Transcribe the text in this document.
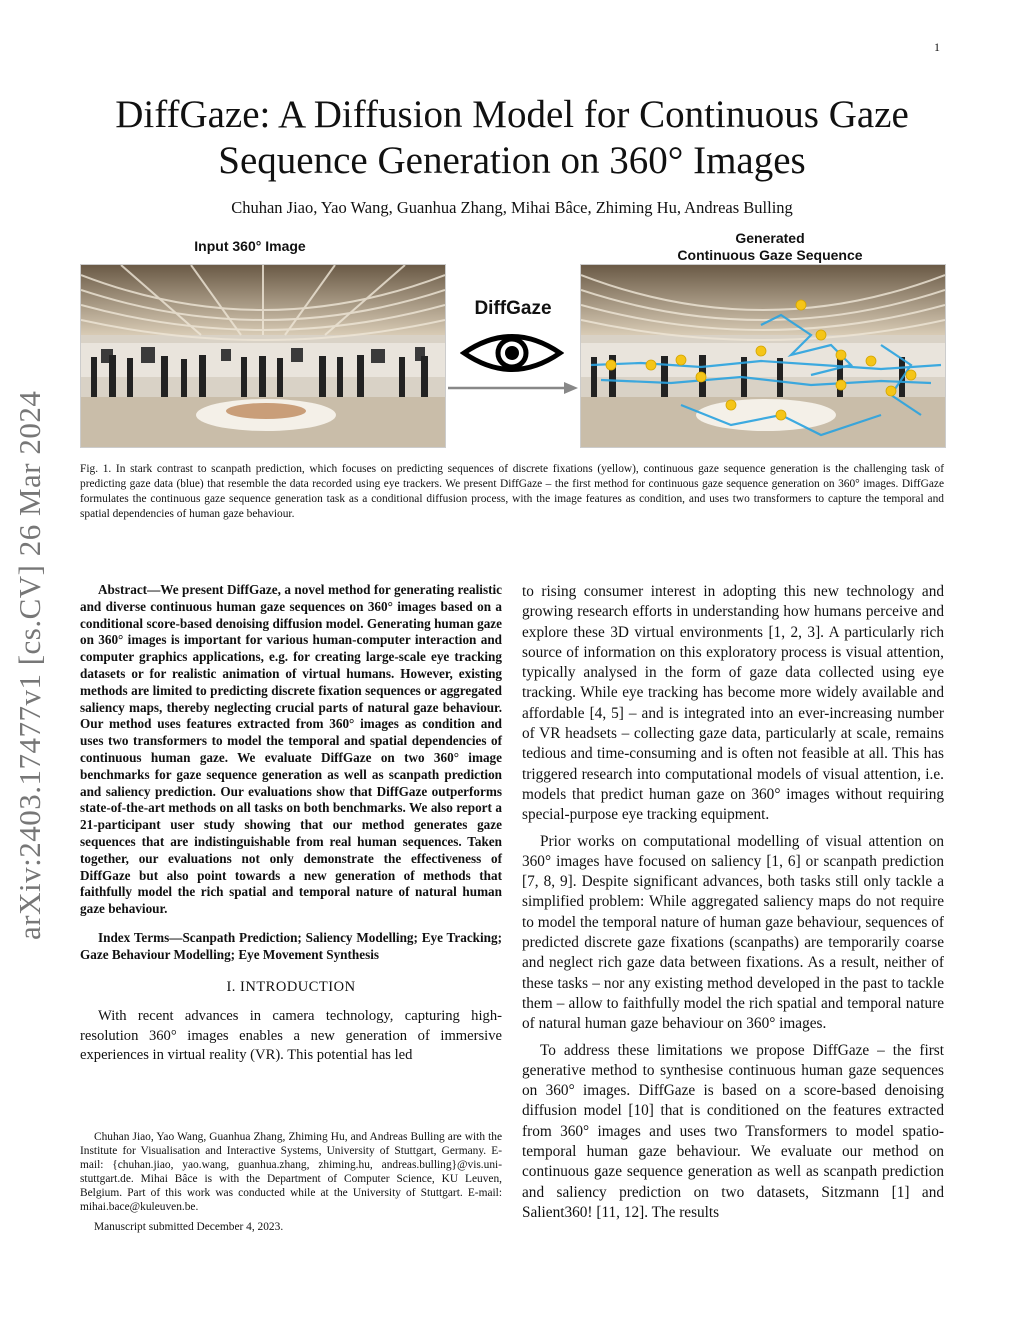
1
arXiv:2403.17477v1 [cs.CV] 26 Mar 2024
DiffGaze: A Diffusion Model for Continuous Gaze Sequence Generation on 360° Images
Chuhan Jiao, Yao Wang, Guanhua Zhang, Mihai Bâce, Zhiming Hu, Andreas Bulling
Input 360° Image	Generated
Continuous Gaze Sequence
DiffGaze
Fig. 1. In stark contrast to scanpath prediction, which focuses on predicting sequences of discrete fixations (yellow), continuous gaze sequence generation is the challenging task of predicting gaze data (blue) that resemble the data recorded using eye trackers. We present DiffGaze – the first method for continuous gaze sequence generation on 360° images. DiffGaze formulates the continuous gaze sequence generation task as a conditional diffusion process, with the image features as condition, and uses two transformers to capture the temporal and spatial dependencies of human gaze behaviour.
Abstract—We present DiffGaze, a novel method for generating realistic and diverse continuous human gaze sequences on 360° images based on a conditional score-based denoising diffusion model. Generating human gaze on 360° images is important for various human-computer interaction and computer graphics applications, e.g. for creating large-scale eye tracking datasets or for realistic animation of virtual humans. However, existing methods are limited to predicting discrete fixation sequences or aggregated saliency maps, thereby neglecting crucial parts of natural gaze behaviour. Our method uses features extracted from 360° images as condition and uses two transformers to model the temporal and spatial dependencies of continuous human gaze. We evaluate DiffGaze on two 360° image benchmarks for gaze sequence generation as well as scanpath prediction and saliency prediction. Our evaluations show that DiffGaze outperforms state-of-the-art methods on all tasks on both benchmarks. We also report a 21-participant user study showing that our method generates gaze sequences that are indistinguishable from real human sequences. Taken together, our evaluations not only demonstrate the effectiveness of DiffGaze but also point towards a new generation of methods that faithfully model the rich spatial and temporal nature of natural human gaze behaviour.
Index Terms—Scanpath Prediction; Saliency Modelling; Eye Tracking; Gaze Behaviour Modelling; Eye Movement Synthesis
I. INTRODUCTION

With recent advances in camera technology, capturing high-resolution 360° images enables a new generation of immersive experiences in virtual reality (VR). This potential has led

Chuhan Jiao, Yao Wang, Guanhua Zhang, Zhiming Hu, and Andreas Bulling are with the Institute for Visualisation and Interactive Systems, University of Stuttgart, Germany. E-mail: {chuhan.jiao, yao.wang, guanhua.zhang, zhiming.hu, andreas.bulling}@vis.uni-stuttgart.de. Mihai Bâce is with the Department of Computer Science, KU Leuven, Belgium. Part of this work was conducted while at the University of Stuttgart. E-mail: mihai.bace@kuleuven.be.

Manuscript submitted December 4, 2023.

to rising consumer interest in adopting this new technology and growing research efforts in understanding how humans perceive and explore these 3D virtual environments [1, 2, 3]. A particularly rich source of information on this exploratory process is visual attention, typically analysed in the form of gaze data collected using eye tracking. While eye tracking has become more widely available and affordable [4, 5] – and is integrated into an ever-increasing number of VR headsets – collecting gaze data, particularly at scale, remains tedious and time-consuming and is often not feasible at all. This has triggered research into computational models of visual attention, i.e. models that predict human gaze on 360° images without requiring special-purpose eye tracking equipment.

Prior works on computational modelling of visual attention on 360° images have focused on saliency [1, 6] or scanpath prediction [7, 8, 9]. Despite significant advances, both tasks still only tackle a simplified problem: While aggregated saliency maps do not require to model the temporal nature of human gaze behaviour, sequences of predicted discrete gaze fixations (scanpaths) are temporarily coarse and neglect rich gaze data between fixations. As a result, neither of these tasks – nor any existing method developed in the past to tackle them – allow to faithfully model the rich spatial and temporal nature of natural human gaze behaviour on 360° images.

To address these limitations we propose DiffGaze – the first generative method to synthesise continuous human gaze sequences on 360° images. DiffGaze is based on a score-based denoising diffusion model [10] that is conditioned on the features extracted from 360° images and uses two Transformers to model spatio-temporal human gaze behaviour. We evaluate our method on continuous gaze sequence generation as well as scanpath prediction and saliency prediction on two datasets, Sitzmann [1] and Salient360! [11, 12]. The results
